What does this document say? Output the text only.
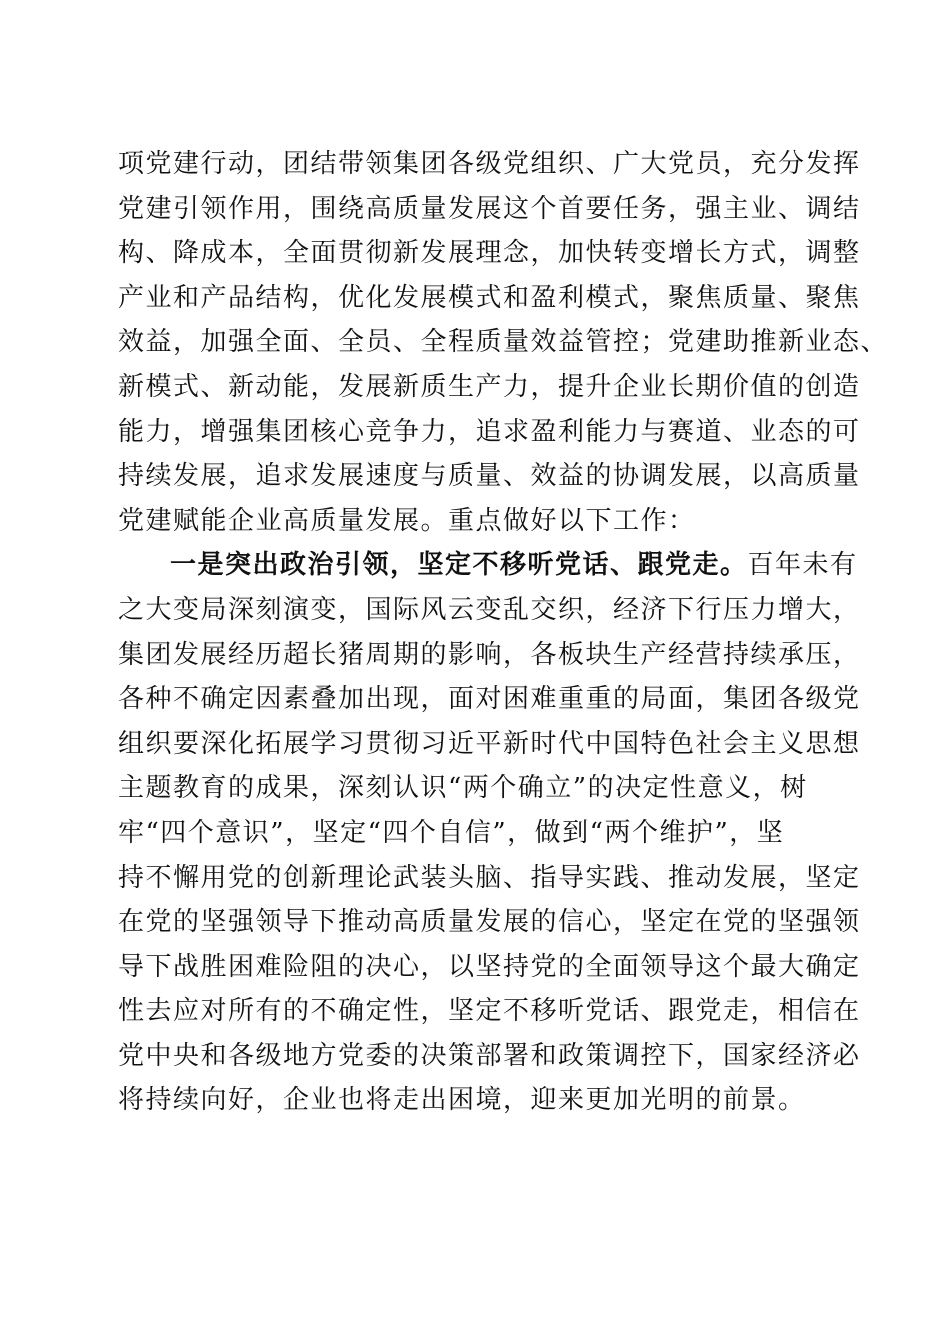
项党建行动，团结带领集团各级党组织、广大党员，充分发挥
党建引领作用，围绕高质量发展这个首要任务，强主业、调结
构、降成本，全面贯彻新发展理念，加快转变增长方式，调整
产业和产品结构，优化发展模式和盈利模式，聚焦质量、聚焦
效益，加强全面、全员、全程质量效益管控；党建助推新业态、
新模式、新动能，发展新质生产力，提升企业长期价值的创造
能力，增强集团核心竞争力，追求盈利能力与赛道、业态的可
持续发展，追求发展速度与质量、效益的协调发展，以高质量
党建赋能企业高质量发展。重点做好以下工作：
一是突出政治引领，坚定不移听党话、跟党走。百年未有
之大变局深刻演变，国际风云变乱交织，经济下行压力增大，
集团发展经历超长猪周期的影响，各板块生产经营持续承压，
各种不确定因素叠加出现，面对困难重重的局面，集团各级党
组织要深化拓展学习贯彻习近平新时代中国特色社会主义思想
主题教育的成果，深刻认识“两个确立”的决定性意义，树
牢“四个意识”，坚定“四个自信”，做到“两个维护”，坚
持不懈用党的创新理论武装头脑、指导实践、推动发展，坚定
在党的坚强领导下推动高质量发展的信心，坚定在党的坚强领
导下战胜困难险阻的决心，以坚持党的全面领导这个最大确定
性去应对所有的不确定性，坚定不移听党话、跟党走，相信在
党中央和各级地方党委的决策部署和政策调控下，国家经济必
将持续向好，企业也将走出困境，迎来更加光明的前景。
